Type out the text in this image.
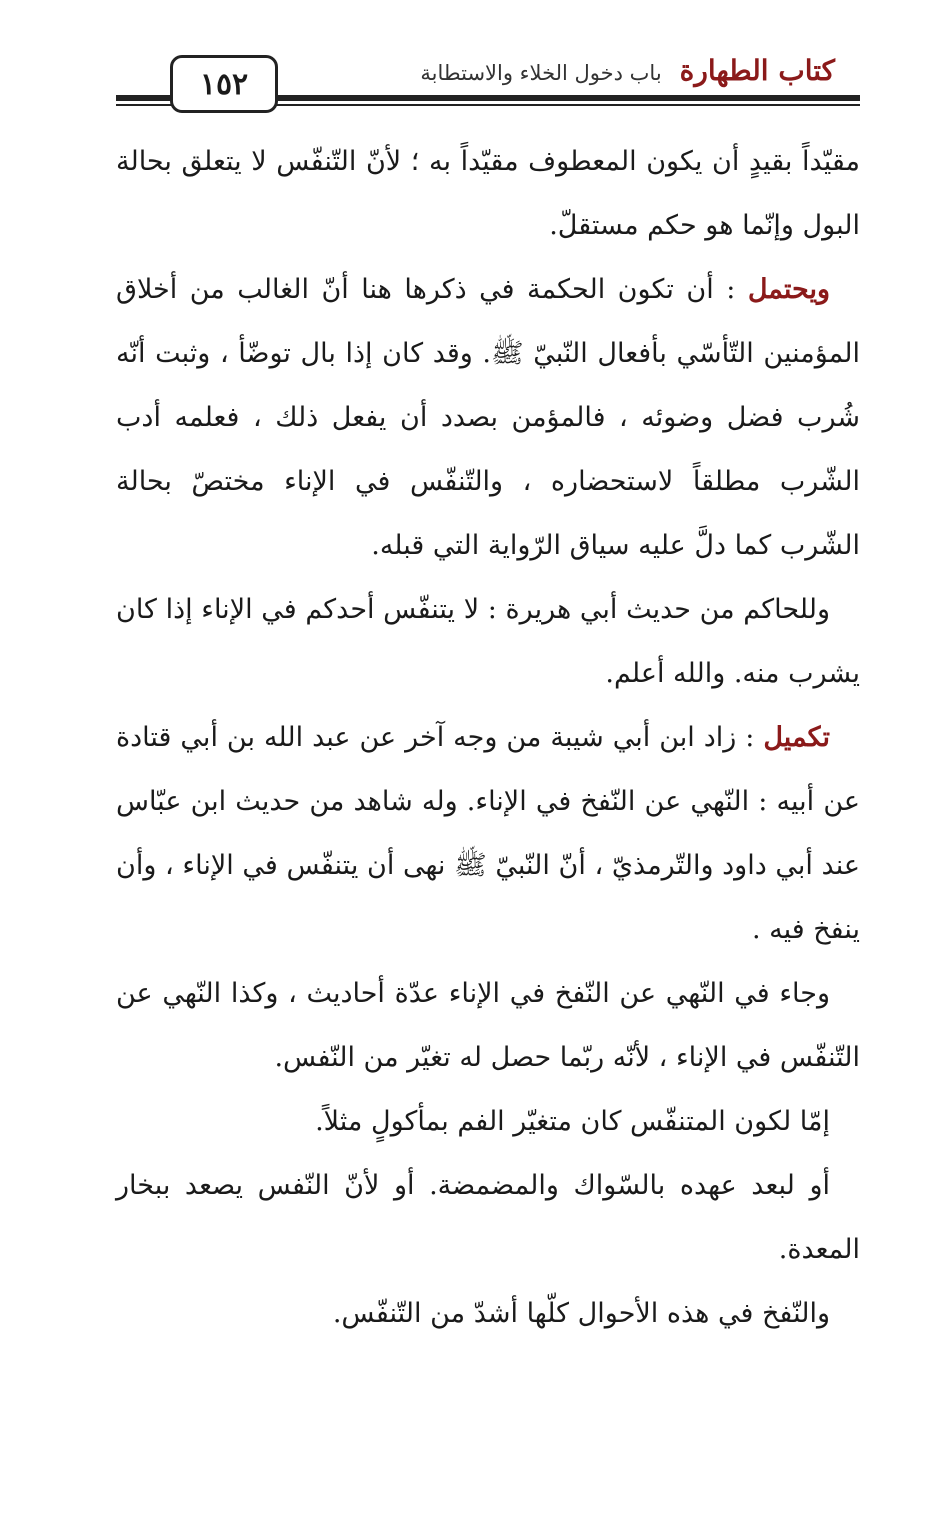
١٥٢	كتاب الطهارة
باب دخول الخلاء والاستطابة

مقيّداً بقيدٍ أن يكون المعطوف مقيّداً به ؛ لأنّ التّنفّس لا يتعلق بحالة البول وإنّما هو حكم مستقلّ.

ويحتمل : أن تكون الحكمة في ذكرها هنا أنّ الغالب من أخلاق المؤمنين التّأسّي بأفعال النّبيّ ﷺ. وقد كان إذا بال توضّأ ، وثبت أنّه شُرب فضل وضوئه ، فالمؤمن بصدد أن يفعل ذلك ، فعلمه أدب الشّرب مطلقاً لاستحضاره ، والتّنفّس في الإناء مختصّ بحالة الشّرب كما دلَّ عليه سياق الرّواية التي قبله.

وللحاكم من حديث أبي هريرة : لا يتنفّس أحدكم في الإناء إذا كان يشرب منه. والله أعلم.

تكميل : زاد ابن أبي شيبة من وجه آخر عن عبد الله بن أبي قتادة عن أبيه : النّهي عن النّفخ في الإناء. وله شاهد من حديث ابن عبّاس عند أبي داود والتّرمذيّ ، أنّ النّبيّ ﷺ نهى أن يتنفّس في الإناء ، وأن ينفخ فيه .

وجاء في النّهي عن النّفخ في الإناء عدّة أحاديث ، وكذا النّهي عن التّنفّس في الإناء ، لأنّه ربّما حصل له تغيّر من النّفس.

إمّا لكون المتنفّس كان متغيّر الفم بمأكولٍ مثلاً.

أو لبعد عهده بالسّواك والمضمضة. أو لأنّ النّفس يصعد ببخار المعدة.

والنّفخ في هذه الأحوال كلّها أشدّ من التّنفّس.
